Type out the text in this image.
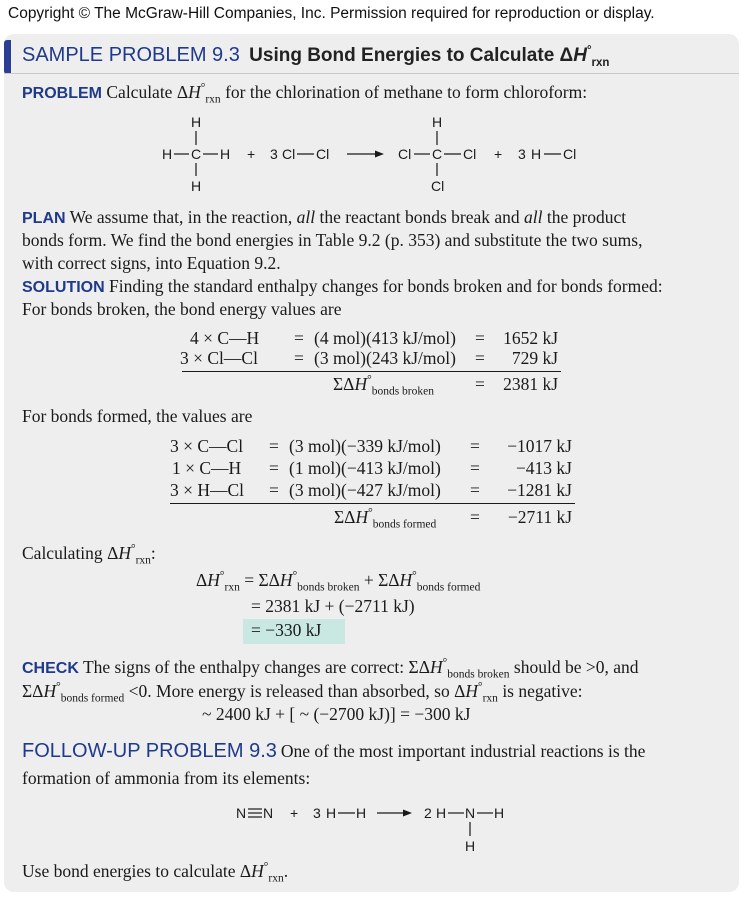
Copyright © The McGraw-Hill Companies, Inc. Permission required for reproduction or display.
SAMPLE PROBLEM 9.3  Using Bond Energies to Calculate $\Delta H^\circ_{rxn}$
PROBLEM Calculate $\Delta H^\circ_{rxn}$ for the chlorination of methane to form chloroform:
H
H C H
H
+ 3 Cl Cl
H
Cl C Cl
Cl
+ 3 H Cl
PLAN We assume that, in the reaction, all the reactant bonds break and all the product
bonds form. We find the bond energies in Table 9.2 (p. 353) and substitute the two sums,
with correct signs, into Equation 9.2.
SOLUTION Finding the standard enthalpy changes for bonds broken and for bonds formed:
For bonds broken, the bond energy values are
4 × C—H = (4 mol)(413 kJ/mol) = 1652 kJ
3 × Cl—Cl = (3 mol)(243 kJ/mol) = 729 kJ
$\Sigma\Delta H^\circ_{bonds broken} = 2381$ kJ
For bonds formed, the values are
3 × C—Cl = (3 mol)(−339 kJ/mol) = −1017 kJ
1 × C—H = (1 mol)(−413 kJ/mol) = −413 kJ
3 × H—Cl = (3 mol)(−427 kJ/mol) = −1281 kJ
$\Sigma\Delta H^\circ_{bonds formed} = -2711$ kJ
Calculating $\Delta H^\circ_{rxn}$:
$\Delta H^\circ_{rxn} = \Sigma\Delta H^\circ_{bonds broken} + \Sigma\Delta H^\circ_{bonds formed}$
= 2381 kJ + (−2711 kJ)
= −330 kJ
CHECK The signs of the enthalpy changes are correct: $\Sigma\Delta H^\circ_{bonds broken}$ should be >0, and
$\Sigma\Delta H^\circ_{bonds formed} <0$. More energy is released than absorbed, so $\Delta H^\circ_{rxn}$ is negative:
~ 2400 kJ + [ ~ (−2700 kJ)] = −300 kJ
FOLLOW-UP PROBLEM 9.3 One of the most important industrial reactions is the
formation of ammonia from its elements:
N N + 3 H H	2 H N H
H
Use bond energies to calculate $\Delta H^\circ_{rxn}$.
